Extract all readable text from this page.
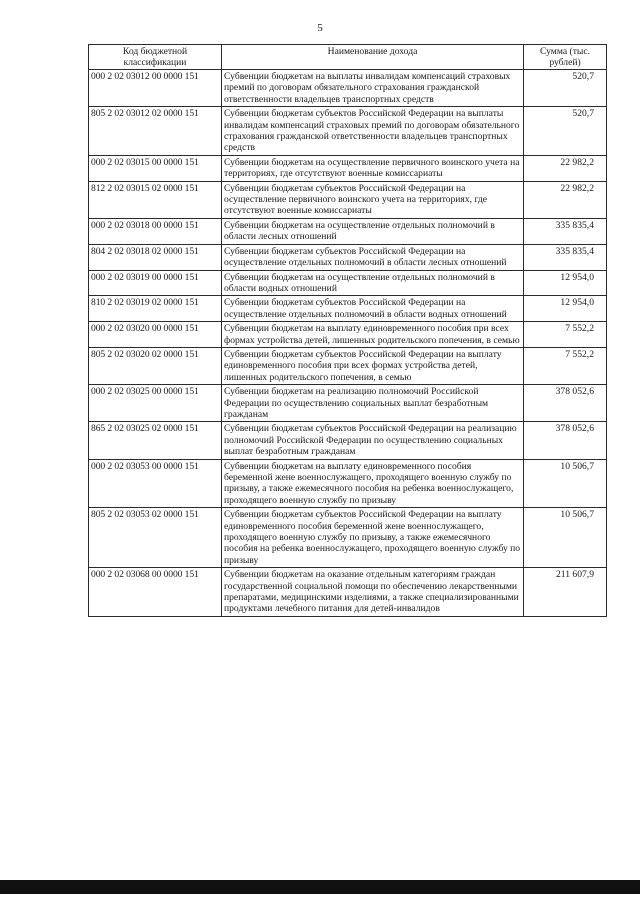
5
Код бюджетной классификации	Наименование дохода	Сумма (тыс. рублей)
000 2 02 03012 00 0000 151	Субвенции бюджетам на выплаты инвалидам компенсаций страховых премий по договорам обязательного страхования гражданской ответственности владельцев транспортных средств	520,7
805 2 02 03012 02 0000 151	Субвенции бюджетам субъектов Российской Федерации на выплаты инвалидам компенсаций страховых премий по договорам обязательного страхования гражданской ответственности владельцев транспортных средств	520,7
000 2 02 03015 00 0000 151	Субвенции бюджетам на осуществление первичного воинского учета на территориях, где отсутствуют военные комиссариаты	22 982,2
812 2 02 03015 02 0000 151	Субвенции бюджетам субъектов Российской Федерации на осуществление первичного воинского учета на территориях, где отсутствуют военные комиссариаты	22 982,2
000 2 02 03018 00 0000 151	Субвенции бюджетам на осуществление отдельных полномочий в области лесных отношений	335 835,4
804 2 02 03018 02 0000 151	Субвенции бюджетам субъектов Российской Федерации на осуществление отдельных полномочий в области лесных отношений	335 835,4
000 2 02 03019 00 0000 151	Субвенции бюджетам на осуществление отдельных полномочий в области водных отношений	12 954,0
810 2 02 03019 02 0000 151	Субвенции бюджетам субъектов Российской Федерации на осуществление отдельных полномочий в области водных отношений	12 954,0
000 2 02 03020 00 0000 151	Субвенции бюджетам на выплату единовременного пособия при всех формах устройства детей, лишенных родительского попечения, в семью	7 552,2
805 2 02 03020 02 0000 151	Субвенции бюджетам субъектов Российской Федерации на выплату единовременного пособия при всех формах устройства детей, лишенных родительского попечения, в семью	7 552,2
000 2 02 03025 00 0000 151	Субвенции бюджетам на реализацию полномочий Российской Федерации по осуществлению социальных выплат безработным гражданам	378 052,6
865 2 02 03025 02 0000 151	Субвенции бюджетам субъектов Российской Федерации на реализацию полномочий Российской Федерации по осуществлению социальных выплат безработным гражданам	378 052,6
000 2 02 03053 00 0000 151	Субвенции бюджетам на выплату единовременного пособия беременной жене военнослужащего, проходящего военную службу по призыву, а также ежемесячного пособия на ребенка военнослужащего, проходящего военную службу по призыву	10 506,7
805 2 02 03053 02 0000 151	Субвенции бюджетам субъектов Российской Федерации на выплату единовременного пособия беременной жене военнослужащего, проходящего военную службу по призыву, а также ежемесячного пособия на ребенка военнослужащего, проходящего военную службу по призыву	10 506,7
000 2 02 03068 00 0000 151	Субвенции бюджетам на оказание отдельным категориям граждан государственной социальной помощи по обеспечению лекарственными препаратами, медицинскими изделиями, а также специализированными продуктами лечебного питания для детей-инвалидов	211 607,9
